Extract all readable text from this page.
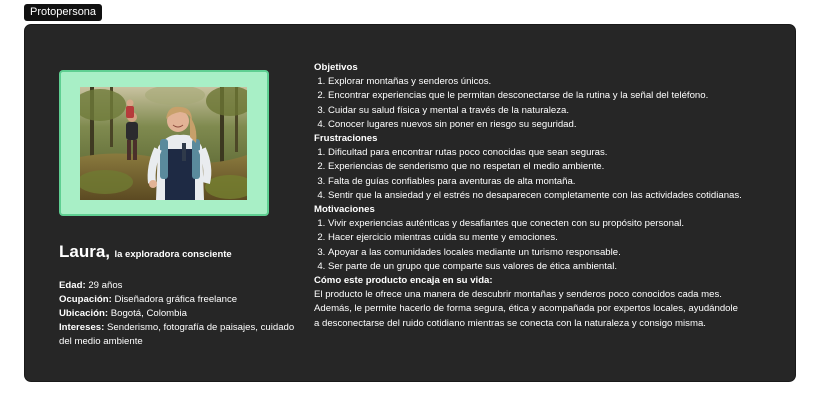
Protopersona
Laura, la exploradora consciente
Edad: 29 años
Ocupación: Diseñadora gráfica freelance
Ubicación: Bogotá, Colombia
Intereses: Senderismo, fotografía de paisajes, cuidado del medio ambiente
Objetivos
1. Explorar montañas y senderos únicos.
2. Encontrar experiencias que le permitan desconectarse de la rutina y la señal del teléfono.
3. Cuidar su salud física y mental a través de la naturaleza.
4. Conocer lugares nuevos sin poner en riesgo su seguridad.
Frustraciones
1. Dificultad para encontrar rutas poco conocidas que sean seguras.
2. Experiencias de senderismo que no respetan el medio ambiente.
3. Falta de guías confiables para aventuras de alta montaña.
4. Sentir que la ansiedad y el estrés no desaparecen completamente con las actividades cotidianas.
Motivaciones
1. Vivir experiencias auténticas y desafiantes que conecten con su propósito personal.
2. Hacer ejercicio mientras cuida su mente y emociones.
3. Apoyar a las comunidades locales mediante un turismo responsable.
4. Ser parte de un grupo que comparte sus valores de ética ambiental.
Cómo este producto encaja en su vida:
El producto le ofrece una manera de descubrir montañas y senderos poco conocidos cada mes.
Además, le permite hacerlo de forma segura, ética y acompañada por expertos locales, ayudándole
a desconectarse del ruido cotidiano mientras se conecta con la naturaleza y consigo misma.
